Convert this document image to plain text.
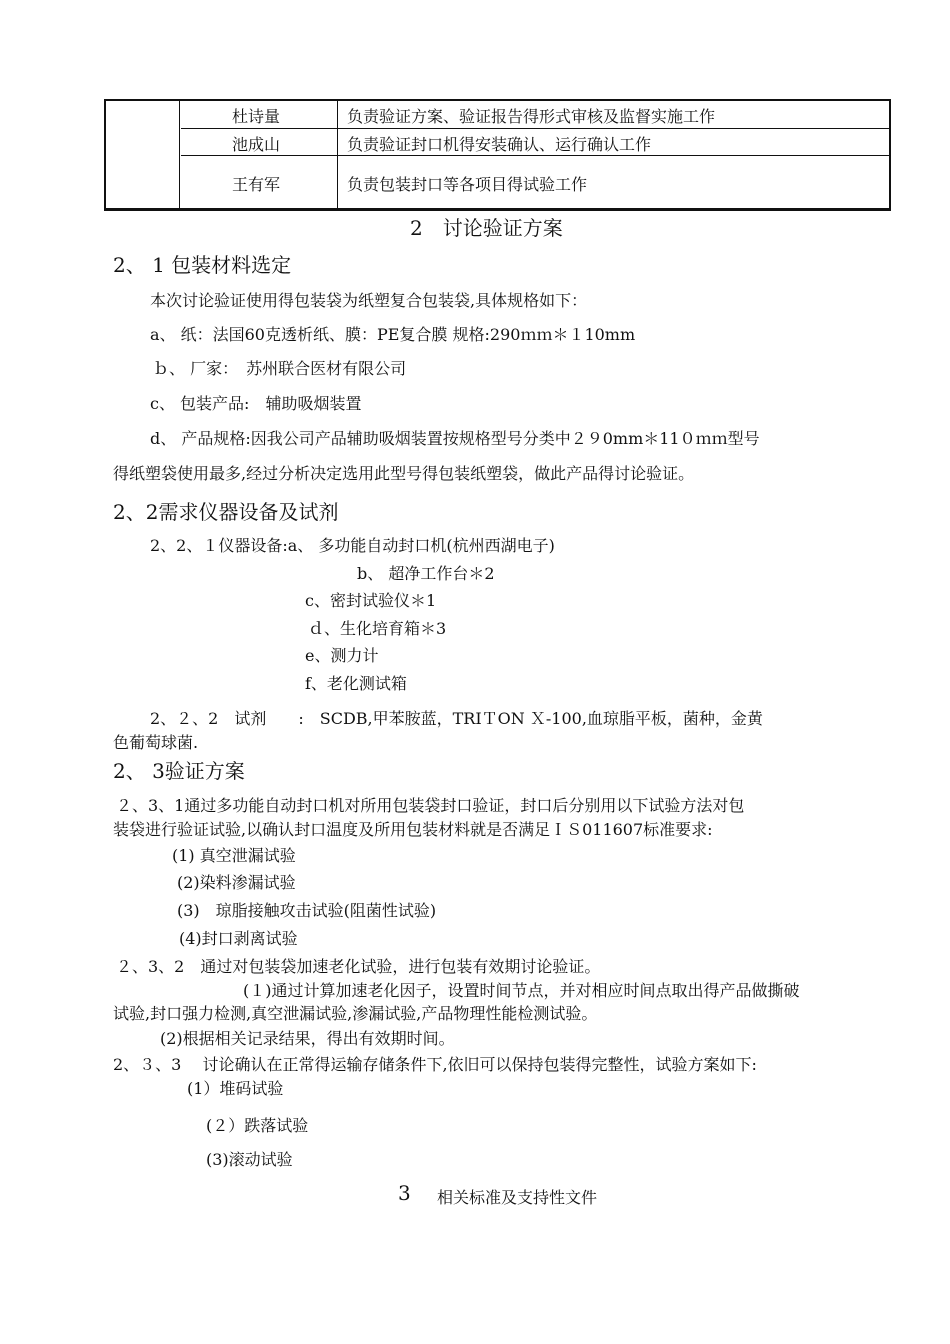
杜诗量	负责验证方案、验证报告得形式审核及监督实施工作
池成山	负责验证封口机得安装确认、运行确认工作
王有军	负责包装封口等各项目得试验工作
2　讨论验证方案
2、 1 包装材料选定
本次讨论验证使用得包装袋为纸塑复合包装袋,具体规格如下：
a、 纸：法国60克透析纸、膜：PE复合膜 规格:290ｍｍ＊１10mm
ｂ、 厂家：　苏州联合医材有限公司
c、 包装产品:　辅助吸烟装置
d、 产品规格:因我公司产品辅助吸烟装置按规格型号分类中２９0mm＊11０ｍｍ型号
得纸塑袋使用最多,经过分析决定选用此型号得包装纸塑袋，做此产品得讨论验证。
2、2需求仪器设备及试剂
2、2、１仪器设备:a、 多功能自动封口机(杭州西湖电子)
b、 超净工作台＊2
c、密封试验仪＊1
ｄ、生化培育箱＊3
e、测力计
f、老化测试箱
2、２、2　试剂　　:　SCDB,甲苯胺蓝，TRIＴON Ｘ-100,血琼脂平板，菌种，金黄
色葡萄球菌.
2、 3验证方案
２、3、1通过多功能自动封口机对所用包装袋封口验证，封口后分别用以下试验方法对包
装袋进行验证试验,以确认封口温度及所用包装材料就是否满足ＩＳ011607标准要求:
(1) 真空泄漏试验
(2)染料渗漏试验
(3)　琼脂接触攻击试验(阻菌性试验)
(4)封口剥离试验
２、3、2　通过对包装袋加速老化试验，进行包装有效期讨论验证。
(１)通过计算加速老化因子，设置时间节点，并对相应时间点取出得产品做撕破
试验,封口强力检测,真空泄漏试验,渗漏试验,产品物理性能检测试验。
(2)根据相关记录结果，得出有效期时间。
2、３、3　 讨论确认在正常得运输存储条件下,依旧可以保持包装得完整性，试验方案如下:
(1）堆码试验
(２）跌落试验
(3)滚动试验
3 相关标准及支持性文件
